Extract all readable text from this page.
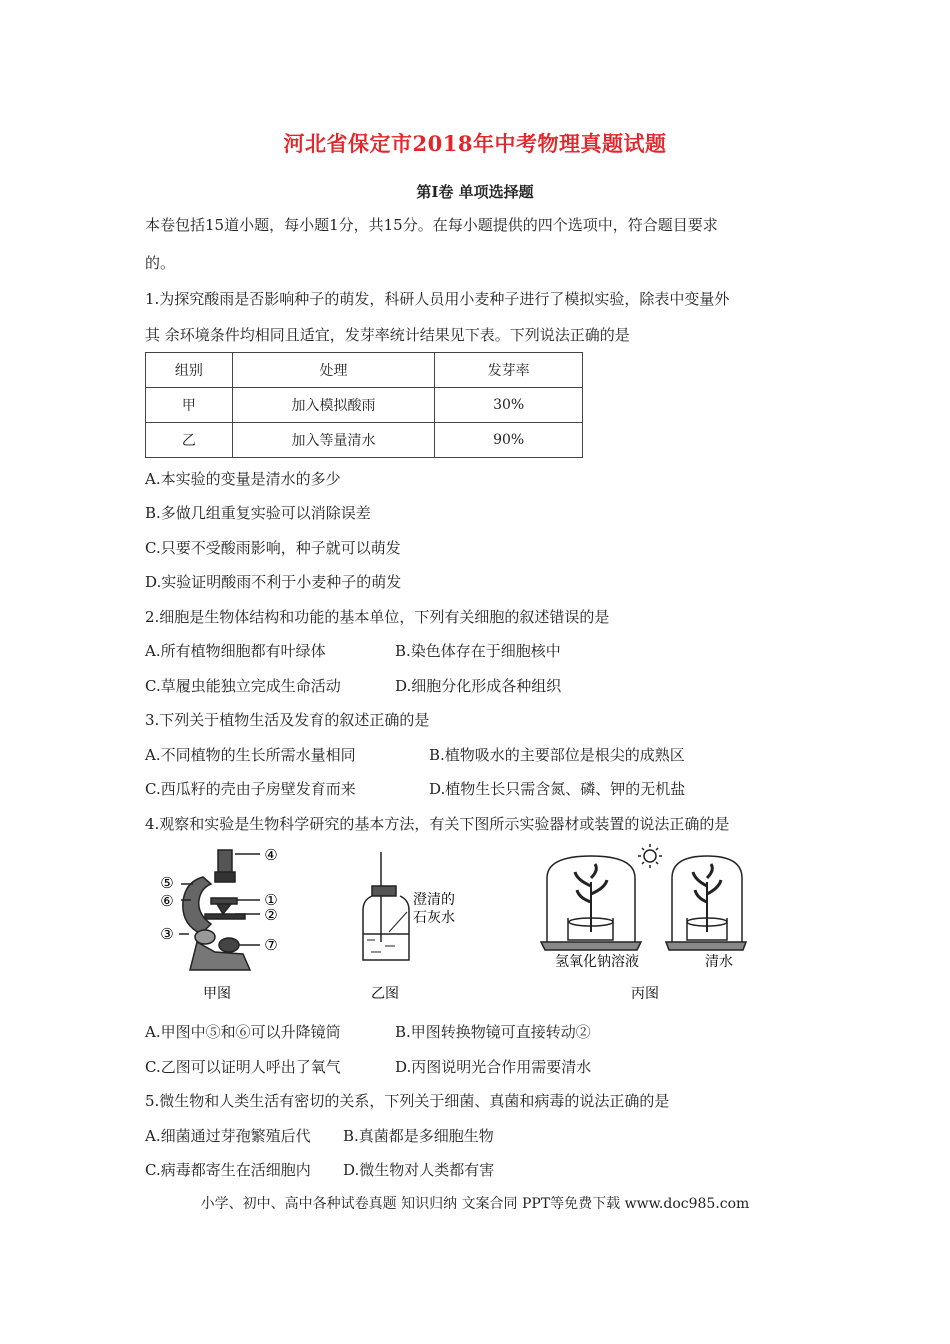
河北省保定市2018年中考物理真题试题
第Ⅰ卷 单项选择题
本卷包括15道小题，每小题1分，共15分。在每小题提供的四个选项中，符合题目要求
的。
1.为探究酸雨是否影响种子的萌发，科研人员用小麦种子进行了模拟实验，除表中变量外
其 余环境条件均相同且适宜，发芽率统计结果见下表。下列说法正确的是
组别	处理	发芽率
甲	加入模拟酸雨	30%
乙	加入等量清水	90%
A.本实验的变量是清水的多少
B.多做几组重复实验可以消除误差
C.只要不受酸雨影响，种子就可以萌发
D.实验证明酸雨不利于小麦种子的萌发
2.细胞是生物体结构和功能的基本单位，下列有关细胞的叙述错误的是
A.所有植物细胞都有叶绿体	B.染色体存在于细胞核中
C.草履虫能独立完成生命活动	D.细胞分化形成各种组织
3.下列关于植物生活及发育的叙述正确的是
A.不同植物的生长所需水量相同	B.植物吸水的主要部位是根尖的成熟区
C.西瓜籽的壳由子房壁发育而来	D.植物生长只需含氮、磷、钾的无机盐
4.观察和实验是生物科学研究的基本方法，有关下图所示实验器材或装置的说法正确的是
④
⑤
⑥	①
②
③
⑦
甲图
澄清的
石灰水
乙图
氢氧化钠溶液	清水
丙图
A.甲图中⑤和⑥可以升降镜筒	B.甲图转换物镜可直接转动②
C.乙图可以证明人呼出了氧气	D.丙图说明光合作用需要清水
5.微生物和人类生活有密切的关系，下列关于细菌、真菌和病毒的说法正确的是
A.细菌通过芽孢繁殖后代 B.真菌都是多细胞生物
C.病毒都寄生在活细胞内 D.微生物对人类都有害
小学、初中、高中各种试卷真题 知识归纳 文案合同 PPT等免费下载 www.doc985.com
